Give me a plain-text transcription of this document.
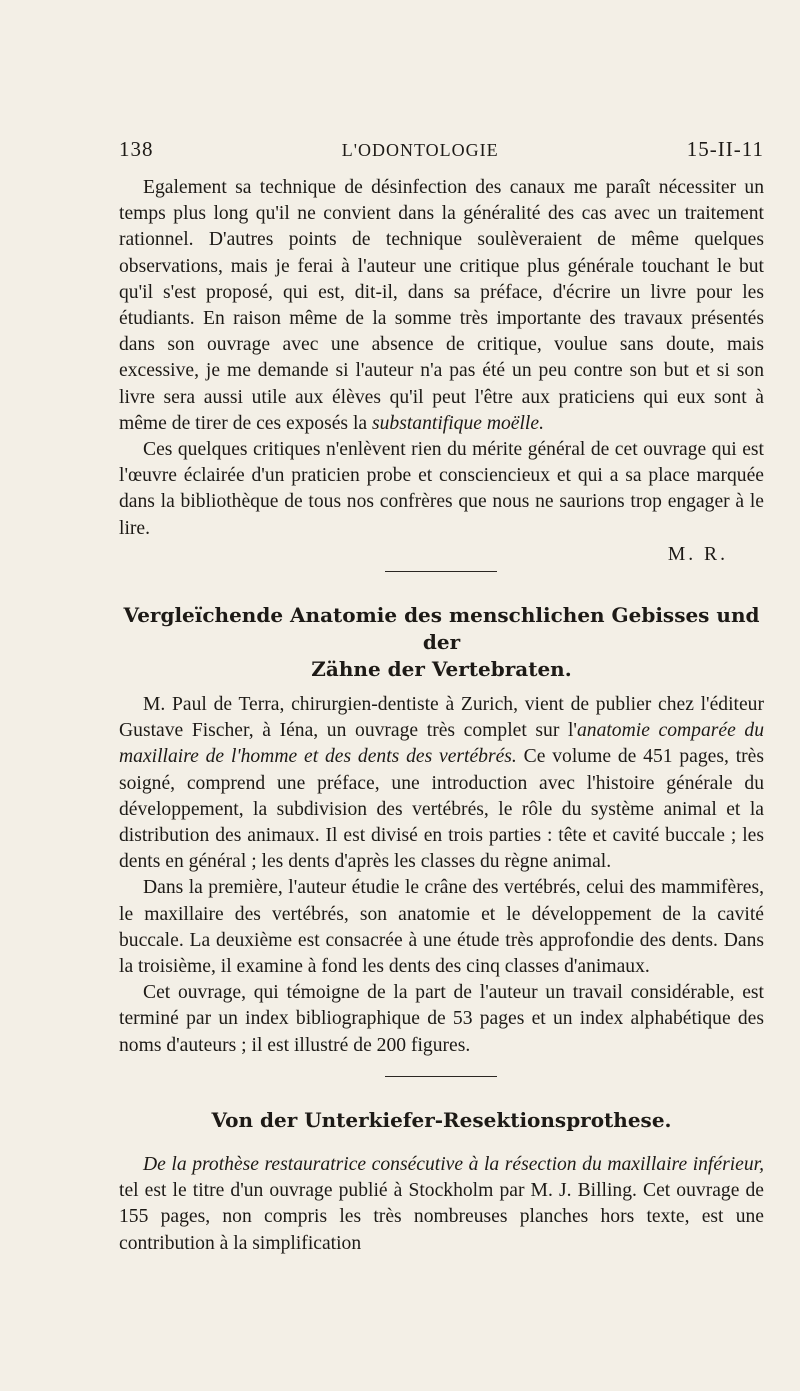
138	L'ODONTOLOGIE	15-II-11

Egalement sa technique de désinfection des canaux me paraît nécessiter un temps plus long qu'il ne convient dans la généralité des cas avec un traitement rationnel. D'autres points de technique soulèveraient de même quelques observations, mais je ferai à l'auteur une critique plus générale touchant le but qu'il s'est proposé, qui est, dit-il, dans sa préface, d'écrire un livre pour les étudiants. En raison même de la somme très importante des travaux présentés dans son ouvrage avec une absence de critique, voulue sans doute, mais excessive, je me demande si l'auteur n'a pas été un peu contre son but et si son livre sera aussi utile aux élèves qu'il peut l'être aux praticiens qui eux sont à même de tirer de ces exposés la substantifique moëlle.

Ces quelques critiques n'enlèvent rien du mérite général de cet ouvrage qui est l'œuvre éclairée d'un praticien probe et consciencieux et qui a sa place marquée dans la bibliothèque de tous nos confrères que nous ne saurions trop engager à le lire.

M. R.
Vergleïchende Anatomie des menschlichen Gebisses und der
Zähne der Vertebraten.

M. Paul de Terra, chirurgien-dentiste à Zurich, vient de publier chez l'éditeur Gustave Fischer, à Iéna, un ouvrage très complet sur l'anatomie comparée du maxillaire de l'homme et des dents des vertébrés. Ce volume de 451 pages, très soigné, comprend une préface, une introduction avec l'histoire générale du développement, la subdivision des vertébrés, le rôle du système animal et la distribution des animaux. Il est divisé en trois parties : tête et cavité buccale ; les dents en général ; les dents d'après les classes du règne animal.

Dans la première, l'auteur étudie le crâne des vertébrés, celui des mammifères, le maxillaire des vertébrés, son anatomie et le développement de la cavité buccale. La deuxième est consacrée à une étude très approfondie des dents. Dans la troisième, il examine à fond les dents des cinq classes d'animaux.

Cet ouvrage, qui témoigne de la part de l'auteur un travail considérable, est terminé par un index bibliographique de 53 pages et un index alphabétique des noms d'auteurs ; il est illustré de 200 figures.

Von der Unterkiefer-Resektionsprothese.

De la prothèse restauratrice consécutive à la résection du maxillaire inférieur, tel est le titre d'un ouvrage publié à Stockholm par M. J. Billing. Cet ouvrage de 155 pages, non compris les très nombreuses planches hors texte, est une contribution à la simplification
